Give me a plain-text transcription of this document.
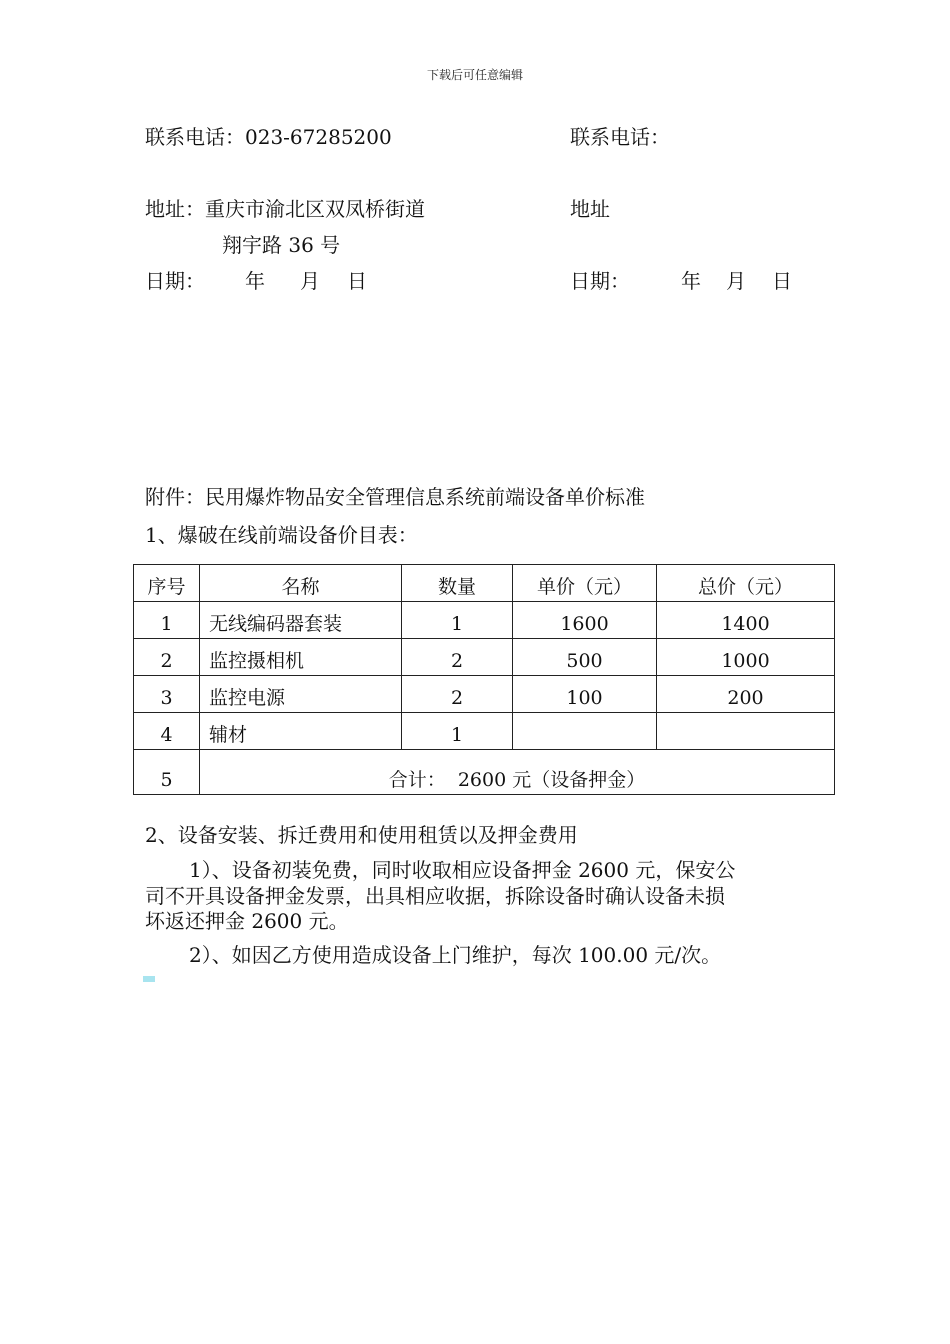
下载后可任意编辑
联系电话：023-67285200
地址：重庆市渝北区双凤桥街道
翔宇路 36 号
日期： 年 月 日
联系电话：
地址
日期：	年 月 日
附件：民用爆炸物品安全管理信息系统前端设备单价标准
1、爆破在线前端设备价目表：
序号	名称	数量	单价（元）	总价（元）
1	无线编码器套装	1	1600	1400
2	监控摄相机	2	500	1000
3	监控电源	2	100	200
4	辅材	1		
5	合计：  2600 元（设备押金）			
2、设备安装、拆迁费用和使用租赁以及押金费用
1）、设备初装免费，同时收取相应设备押金 2600 元，保安公
司不开具设备押金发票，出具相应收据，拆除设备时确认设备未损
坏返还押金 2600 元。
2）、如因乙方使用造成设备上门维护，每次 100.00 元/次。
